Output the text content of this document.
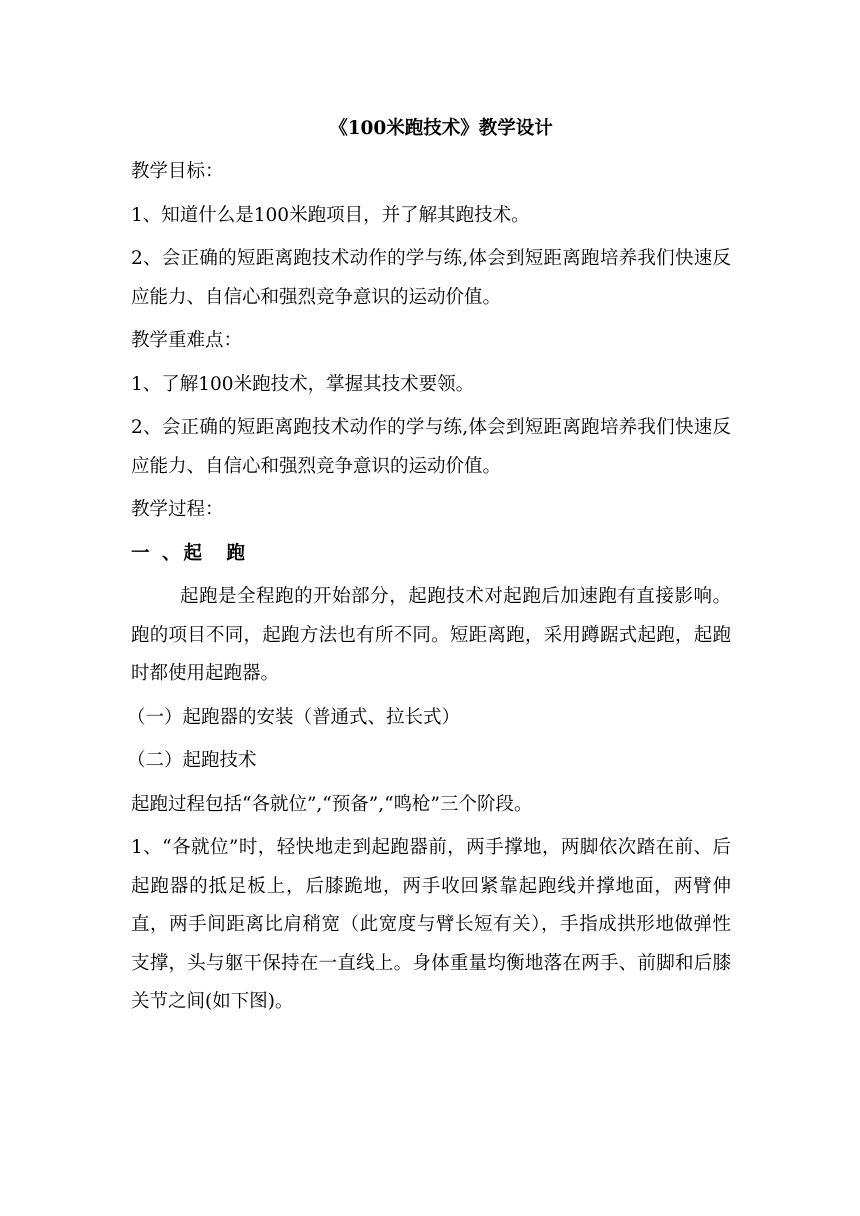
《100米跑技术》教学设计

教学目标：

1、知道什么是100米跑项目，并了解其跑技术。

2、会正确的短距离跑技术动作的学与练,体会到短距离跑培养我们快速反应能力、自信心和强烈竞争意识的运动价值。

教学重难点：

1、了解100米跑技术，掌握其技术要领。

2、会正确的短距离跑技术动作的学与练,体会到短距离跑培养我们快速反应能力、自信心和强烈竞争意识的运动价值。

教学过程：

一 、起　跑

起跑是全程跑的开始部分，起跑技术对起跑后加速跑有直接影响。跑的项目不同，起跑方法也有所不同。短距离跑，采用蹲踞式起跑，起跑时都使用起跑器。

（一）起跑器的安装（普通式、拉长式）

（二）起跑技术

起跑过程包括“各就位”,“预备”,“鸣枪”三个阶段。

1、“各就位”时，轻快地走到起跑器前，两手撑地，两脚依次踏在前、后起跑器的抵足板上，后膝跪地，两手收回紧靠起跑线并撑地面，两臂伸直，两手间距离比肩稍宽（此宽度与臂长短有关），手指成拱形地做弹性支撑，头与躯干保持在一直线上。身体重量均衡地落在两手、前脚和后膝关节之间(如下图)。
